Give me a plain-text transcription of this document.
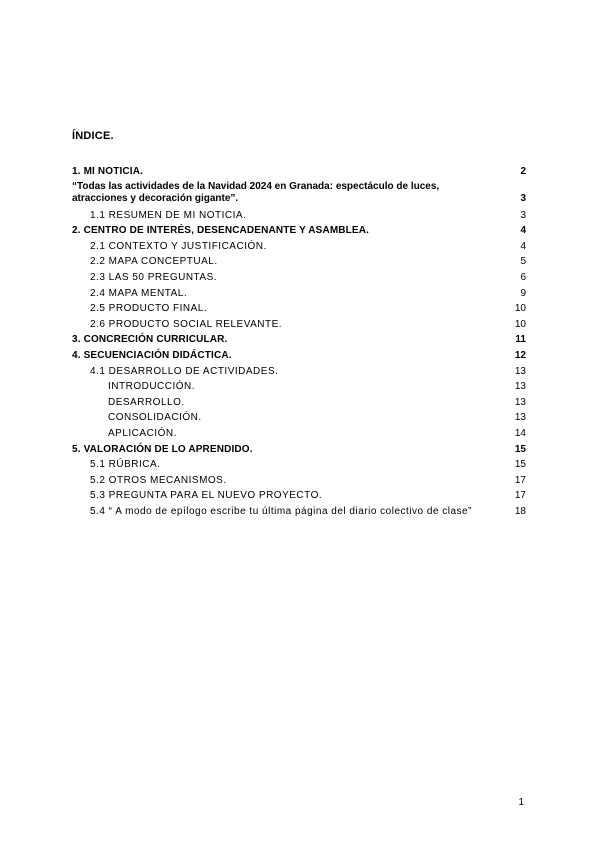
ÍNDICE.
1. MI NOTICIA.	2
“Todas las actividades de la Navidad 2024 en Granada: espectáculo de luces, atracciones y decoración gigante”.	3
1.1 RESUMEN DE MI NOTICIA.	3
2. CENTRO DE INTERÉS, DESENCADENANTE Y ASAMBLEA.	4
2.1 CONTEXTO Y JUSTIFICACIÓN.	4
2.2 MAPA CONCEPTUAL.	5
2.3 LAS 50 PREGUNTAS.	6
2.4 MAPA MENTAL.	9
2.5 PRODUCTO FINAL.	10
2.6 PRODUCTO SOCIAL RELEVANTE.	10
3. CONCRECIÓN CURRICULAR.	11
4. SECUENCIACIÓN DIDÁCTICA.	12
4.1 DESARROLLO DE ACTIVIDADES.	13
INTRODUCCIÓN.	13
DESARROLLO.	13
CONSOLIDACIÓN.	13
APLICACIÓN.	14
5. VALORACIÓN DE LO APRENDIDO.	15
5.1 RÚBRICA.	15
5.2 OTROS MECANISMOS.	17
5.3 PREGUNTA PARA EL NUEVO PROYECTO.	17
5.4 “ A modo de epílogo escribe tu última página del diario colectivo de clase”	18
1
